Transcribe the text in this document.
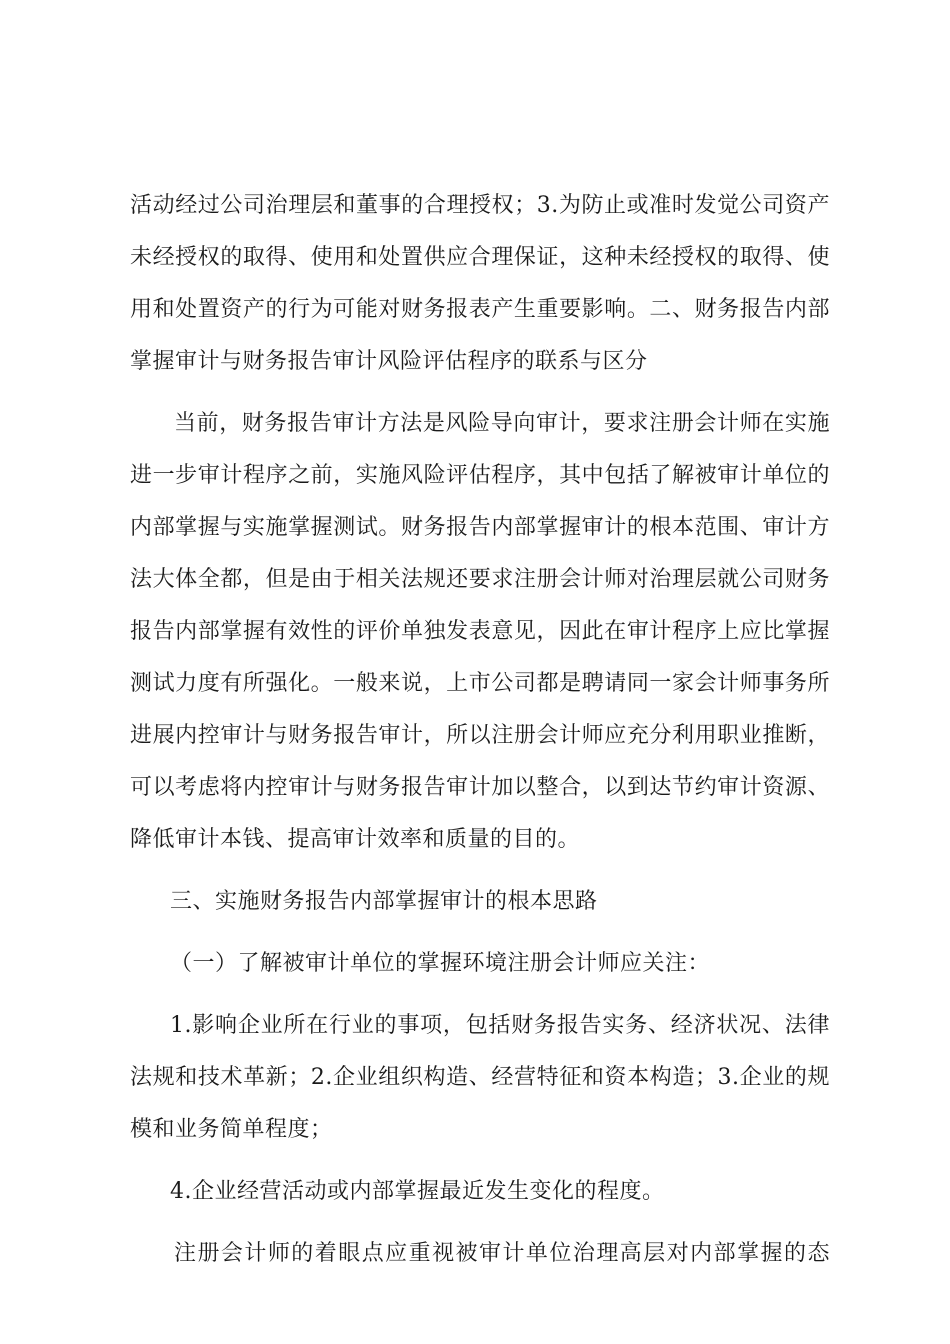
活动经过公司治理层和董事的合理授权；3.为防止或准时发觉公司资产
未经授权的取得、使用和处置供应合理保证，这种未经授权的取得、使
用和处置资产的行为可能对财务报表产生重要影响。二、财务报告内部
掌握审计与财务报告审计风险评估程序的联系与区分
当前，财务报告审计方法是风险导向审计，要求注册会计师在实施
进一步审计程序之前，实施风险评估程序，其中包括了解被审计单位的
内部掌握与实施掌握测试。财务报告内部掌握审计的根本范围、审计方
法大体全都，但是由于相关法规还要求注册会计师对治理层就公司财务
报告内部掌握有效性的评价单独发表意见，因此在审计程序上应比掌握
测试力度有所强化。一般来说，上市公司都是聘请同一家会计师事务所
进展内控审计与财务报告审计，所以注册会计师应充分利用职业推断，
可以考虑将内控审计与财务报告审计加以整合，以到达节约审计资源、
降低审计本钱、提高审计效率和质量的目的。
三、实施财务报告内部掌握审计的根本思路
（一）了解被审计单位的掌握环境注册会计师应关注：
1.影响企业所在行业的事项，包括财务报告实务、经济状况、法律
法规和技术革新；2.企业组织构造、经营特征和资本构造；3.企业的规
模和业务简单程度；
4.企业经营活动或内部掌握最近发生变化的程度。
注册会计师的着眼点应重视被审计单位治理高层对内部掌握的态
